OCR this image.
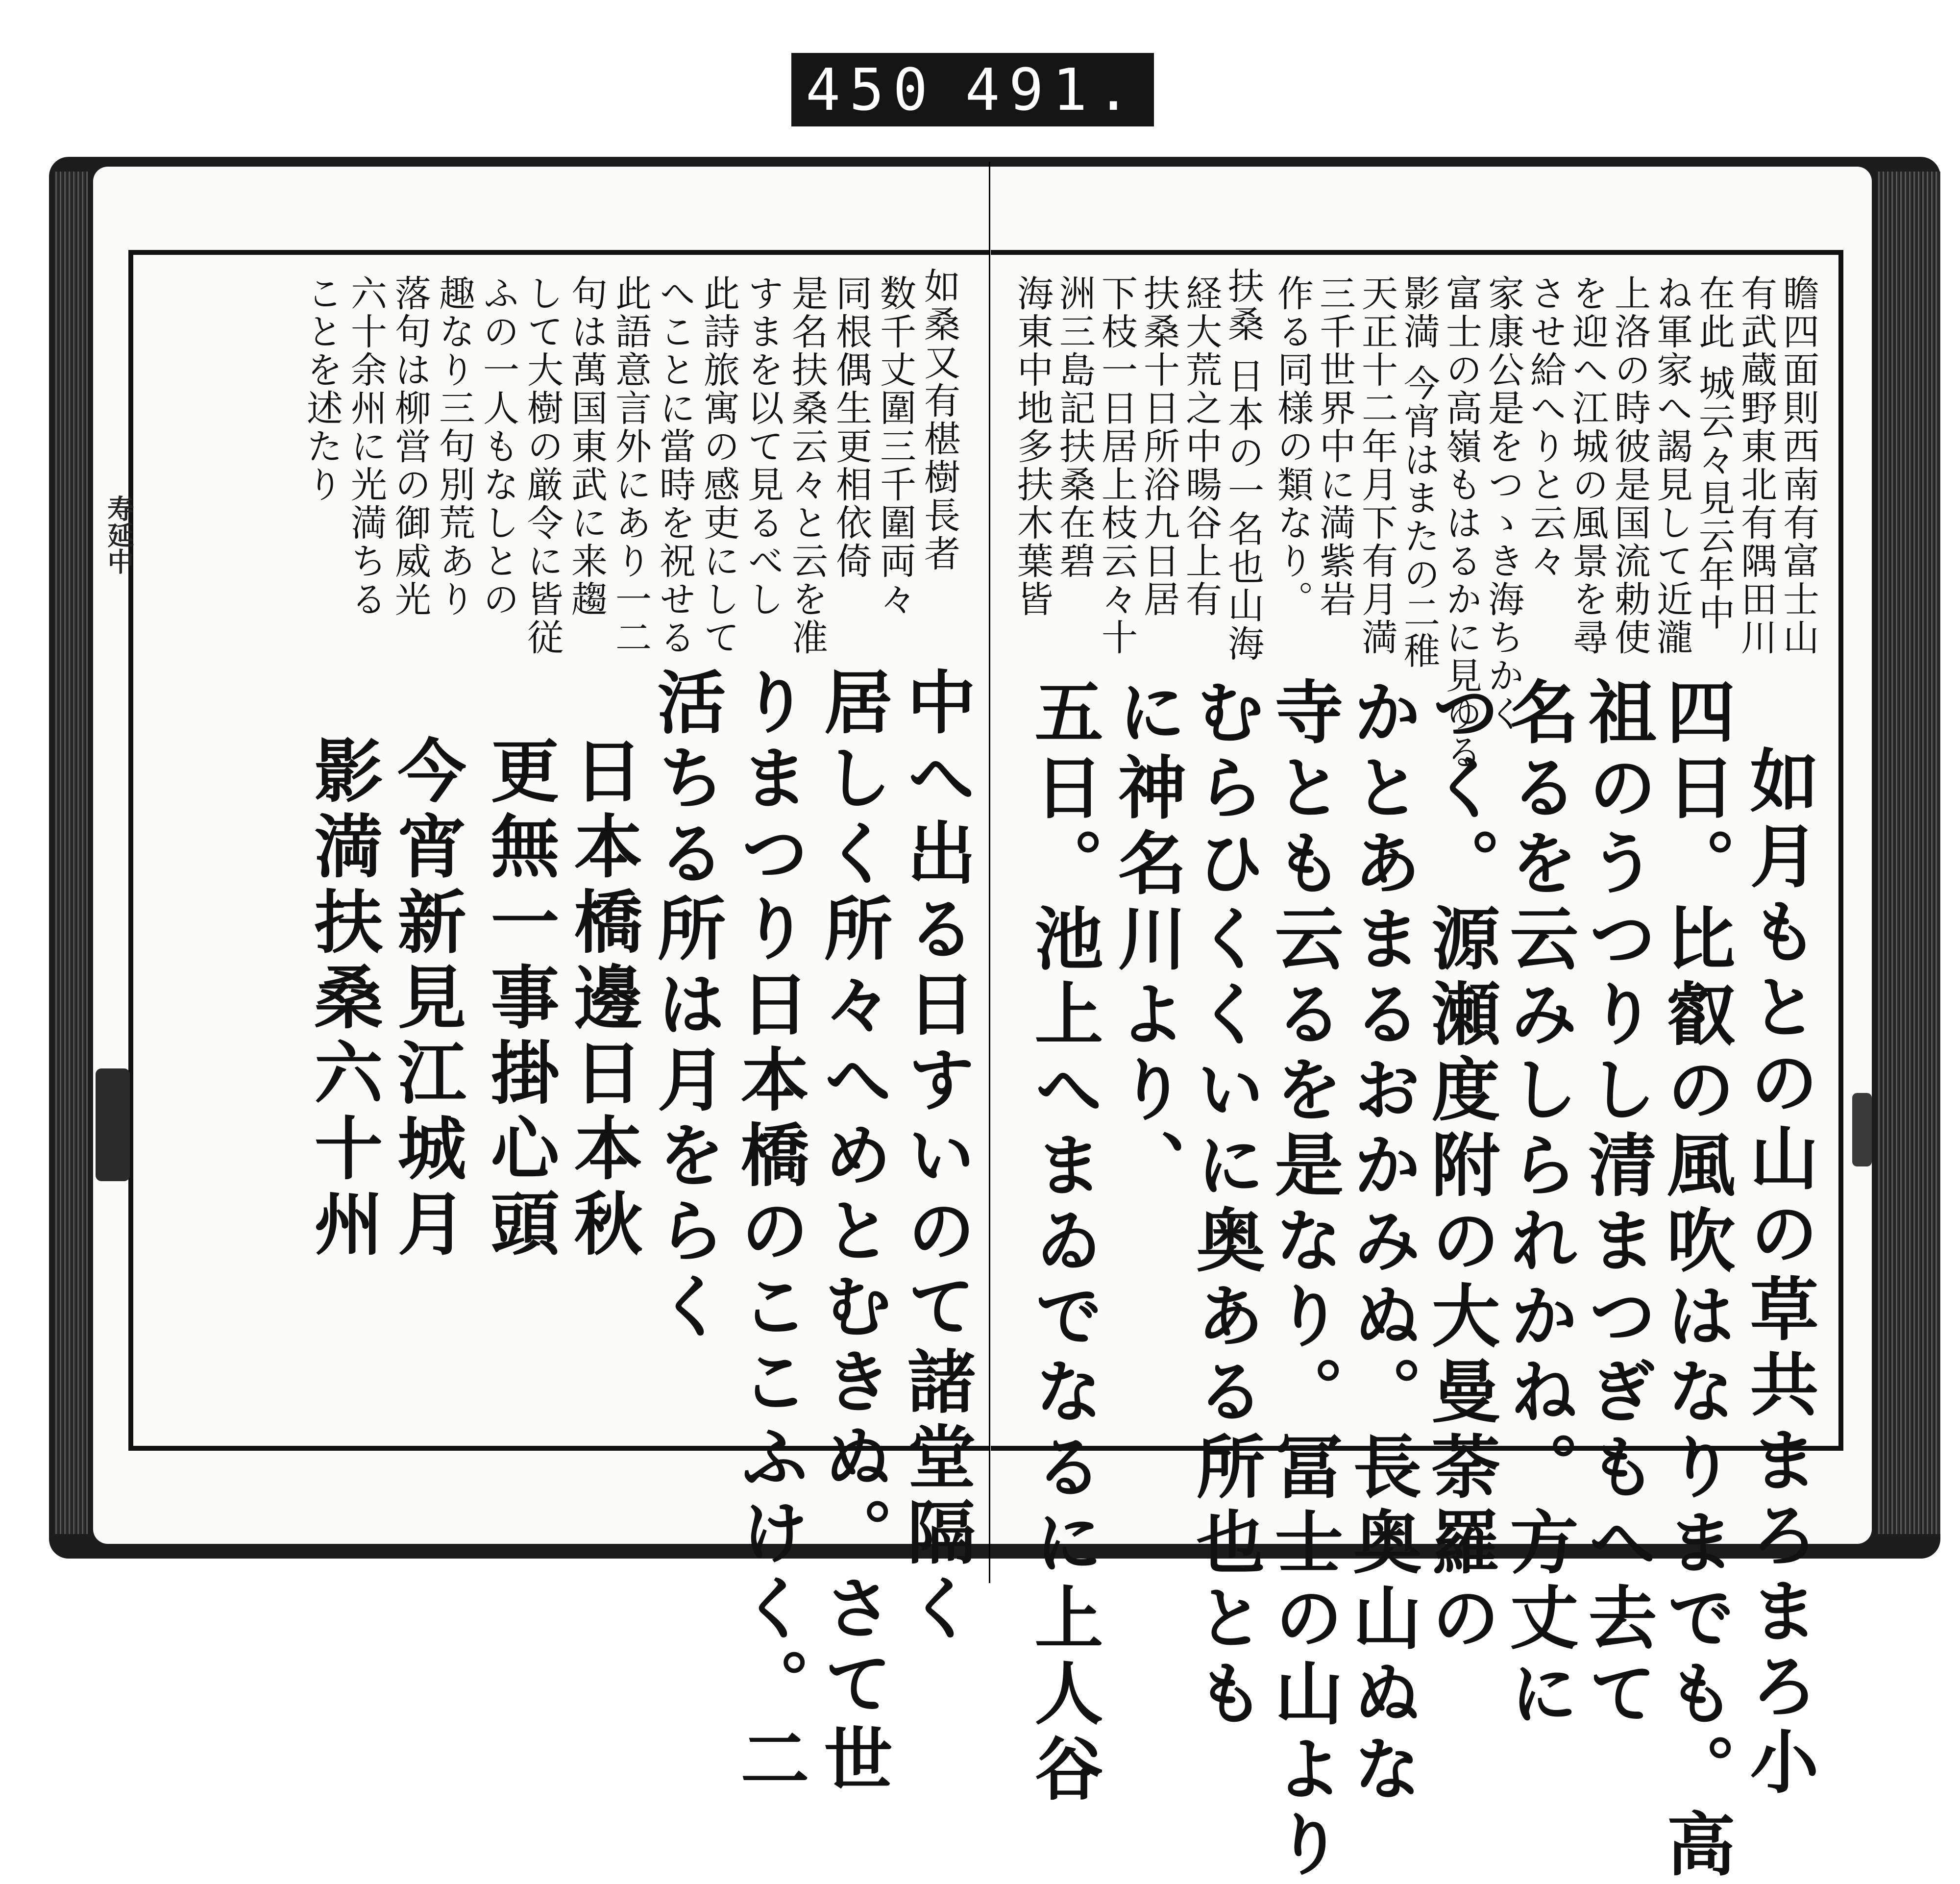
450 491.
寿延中	瞻四面則西南有富士山
有武蔵野東北有隅田川
在此 城云々見云年中
ね軍家へ謁見して近瀧
上洛の時彼是国流勅使
を迎へ江城の風景を尋
させ給へりと云々
家康公是をつゝき海ちかく
富士の高嶺もはるかに見ゆる
影満 今宵はまたの二稚
天正十二年月下有月満
三千世界中に満紫岩
作る同様の類なり。
扶桑 日本の一名也山海
経大荒之中暘谷上有
扶桑十日所浴九日居
下枝一日居上枝云々十
洲三島記扶桑在碧
海東中地多扶木葉皆
如月もとの山の草共まろまろ小
四日。比叡の風吹はなりまでも。高
祖のうつりし清まつぎもへ去て
名るを云みしられかね。方丈に
つく。源瀬度附の大曼荼羅の
かとあまるおかみぬ。長奥山ぬな
寺とも云るを是なり。冨士の山より
むらひくくいに奥ある所也とも
に神名川より、
五日。池上へまゐでなるに上人谷
中へ出る日すいのて諸堂隔く
居しく所々へめとむきぬ。さて世
りまつり日本橋のここふけく。二
活ちる所は月をらく
日本橋邊日本秋
更無一事掛心頭
今宵新見江城月
影満扶桑六十州
如桑又有椹樹長者
数千丈圍三千圍両々
同根偶生更相依倚
是名扶桑云々と云を准
すまを以て見るべし
此詩旅寓の感吏にして
へことに當時を祝せる
此語意言外にあり一二
句は萬国東武に来趨
して大樹の厳令に皆従
ふの一人もなしとの
趣なり三句別荒あり
落句は柳営の御威光
六十余州に光満ちる
ことを述たり
